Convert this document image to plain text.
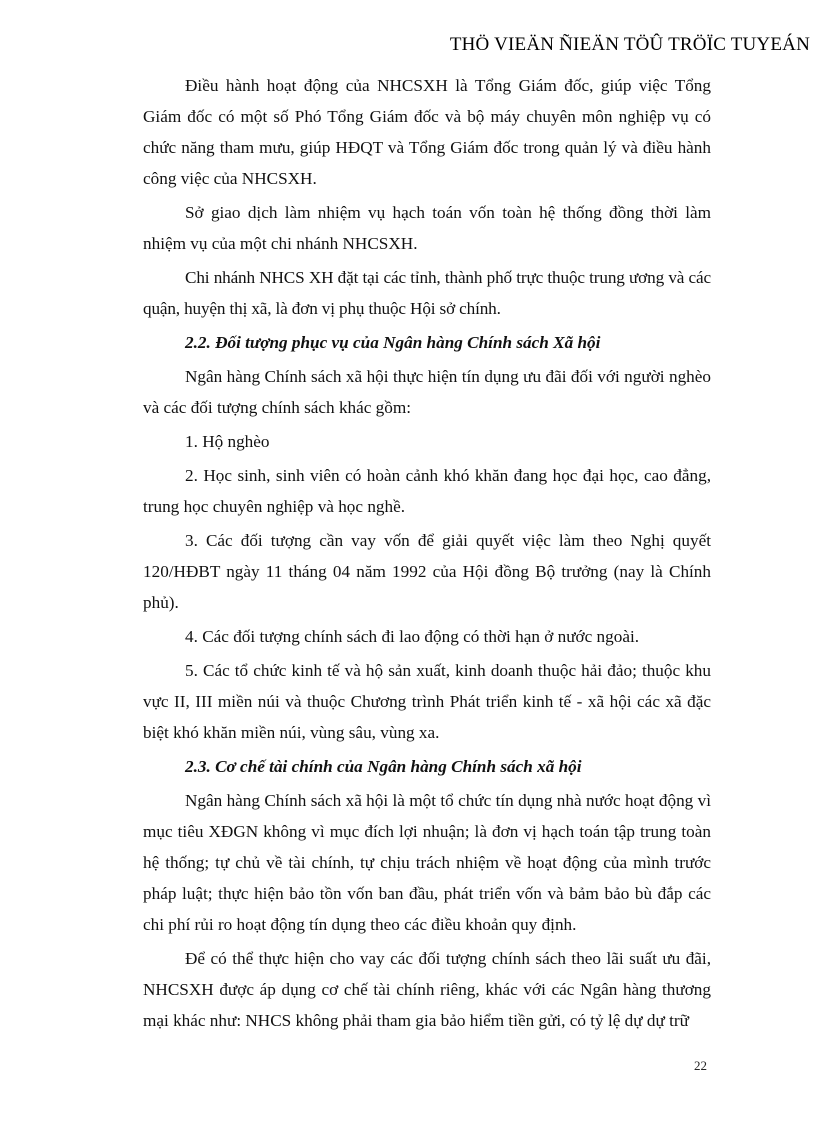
THÖ VIEÄN ÑIEÄN TÖÛ TRÖÏC TUYEÁN

Điều hành hoạt động của NHCSXH là Tổng Giám đốc, giúp việc Tổng Giám đốc có một số Phó Tổng Giám đốc và bộ máy chuyên môn nghiệp vụ có chức năng tham mưu, giúp HĐQT và Tổng Giám đốc trong quản lý và điều hành công việc của NHCSXH.

Sở giao dịch làm nhiệm vụ hạch toán vốn toàn hệ thống đồng thời làm nhiệm vụ của một chi nhánh NHCSXH.

Chi nhánh NHCS XH đặt tại các tỉnh, thành phố trực thuộc trung ương và các quận, huyện thị xã, là đơn vị phụ thuộc Hội sở chính.

2.2. Đối tượng phục vụ của Ngân hàng Chính sách Xã hội

Ngân hàng Chính sách xã hội thực hiện tín dụng ưu đãi đối với người nghèo và các đối tượng chính sách khác gồm:

1. Hộ nghèo

2. Học sinh, sinh viên có hoàn cảnh khó khăn đang học đại học, cao đẳng, trung học chuyên nghiệp và học nghề.

3. Các đối tượng cần vay vốn để giải quyết việc làm theo Nghị quyết 120/HĐBT ngày 11 tháng 04 năm 1992 của Hội đồng Bộ trưởng (nay là Chính phủ).

4. Các đối tượng chính sách đi lao động có thời hạn ở nước ngoài.

5. Các tổ chức kinh tế và hộ sản xuất, kinh doanh thuộc hải đảo; thuộc khu vực II, III miền núi và thuộc Chương trình Phát triển kinh tế - xã hội các xã đặc biệt khó khăn miền núi, vùng sâu, vùng xa.

2.3. Cơ chế tài chính của Ngân hàng Chính sách xã hội

Ngân hàng Chính sách xã hội là một tổ chức tín dụng nhà nước hoạt động vì mục tiêu XĐGN không vì mục đích lợi nhuận; là đơn vị hạch toán tập trung toàn hệ thống; tự chủ về tài chính, tự chịu trách nhiệm về hoạt động của mình trước pháp luật; thực hiện bảo tồn vốn ban đầu, phát triển vốn và bảm bảo bù đắp các chi phí rủi ro hoạt động tín dụng theo các điều khoản quy định.

Để có thể thực hiện cho vay các đối tượng chính sách theo lãi suất ưu đãi, NHCSXH được áp dụng cơ chế tài chính riêng, khác với các Ngân hàng thương mại khác như: NHCS không phải tham gia bảo hiểm tiền gửi, có tỷ lệ dự dự trữ

22
